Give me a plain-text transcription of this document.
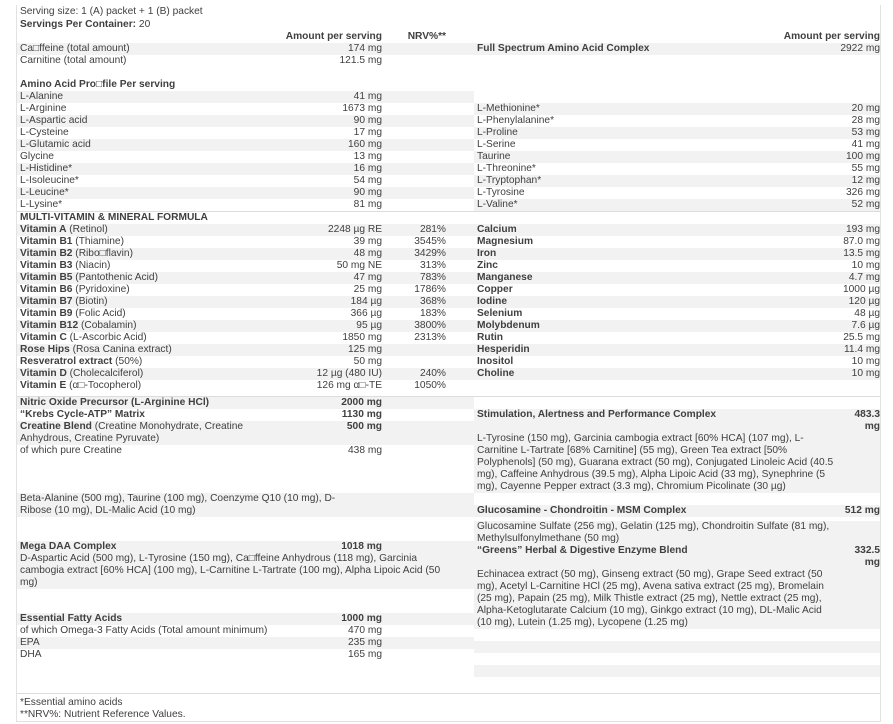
Serving size: 1 (A) packet + 1 (B) packet
Servings Per Container: 20
Amount per serving	NRV%**
Ca□ffeine (total amount)	174 mg
Carnitine (total amount)	121.5 mg
Amino Acid Pro□file Per serving
L-Alanine	41 mg
L-Arginine	1673 mg
L-Aspartic acid	90 mg
L-Cysteine	17 mg
L-Glutamic acid	160 mg
Glycine	13 mg
L-Histidine*	16 mg
L-Isoleucine*	54 mg
L-Leucine*	90 mg
L-Lysine*	81 mg
Amount per serving
Full Spectrum Amino Acid Complex	2922 mg
L-Methionine*	20 mg
L-Phenylalanine*	28 mg
L-Proline	53 mg
L-Serine	41 mg
Taurine	100 mg
L-Threonine*	55 mg
L-Tryptophan*	12 mg
L-Tyrosine	326 mg
L-Valine*	52 mg
MULTI-VITAMIN & MINERAL FORMULA
Vitamin A (Retinol)	2248 µg RE	281%
Vitamin B1 (Thiamine)	39 mg	3545%
Vitamin B2 (Ribo□flavin)	48 mg	3429%
Vitamin B3 (Niacin)	50 mg NE	313%
Vitamin B5 (Pantothenic Acid)	47 mg	783%
Vitamin B6 (Pyridoxine)	25 mg	1786%
Vitamin B7 (Biotin)	184 µg	368%
Vitamin B9 (Folic Acid)	366 µg	183%
Vitamin B12 (Cobalamin)	95 µg	3800%
Vitamin C (L-Ascorbic Acid)	1850 mg	2313%
Rose Hips (Rosa Canina extract)	125 mg
Resveratrol extract (50%)	50 mg
Vitamin D (Cholecalciferol)	12 µg (480 IU)	240%
Vitamin E (α□-Tocopherol)	126 mg α□-TE	1050%
Calcium	193 mg
Magnesium	87.0 mg
Iron	13.5 mg
Zinc	10 mg
Manganese	4.7 mg
Copper	1000 µg
Iodine	120 µg
Selenium	48 µg
Molybdenum	7.6 µg
Rutin	25.5 mg
Hesperidin	11.4 mg
Inositol	10 mg
Choline	10 mg
Nitric Oxide Precursor (L-Arginine HCl)	2000 mg
“Krebs Cycle-ATP” Matrix	1130 mg
Creatine Blend (Creatine Monohydrate, Creatine Anhydrous, Creatine Pyruvate)
500 mg
of which pure Creatine	438 mg
Beta-Alanine (500 mg), Taurine (100 mg), Coenzyme Q10 (10 mg), D-Ribose (10 mg), DL-Malic Acid (10 mg)
Mega DAA Complex	1018 mg
D-Aspartic Acid (500 mg), L-Tyrosine (150 mg), Ca□ffeine Anhydrous (118 mg), Garcinia cambogia extract [60% HCA] (100 mg), L-Carnitine L-Tartrate (100 mg), Alpha Lipoic Acid (50 mg)
Essential Fatty Acids	1000 mg
of which Omega-3 Fatty Acids (Total amount minimum)	470 mg
EPA	235 mg
DHA	165 mg
Stimulation, Alertness and Performance Complex	483.3 mg
L-Tyrosine (150 mg), Garcinia cambogia extract [60% HCA] (107 mg), L-Carnitine L-Tartrate [68% Carnitine] (55 mg), Green Tea extract [50% Polyphenols] (50 mg), Guarana extract (50 mg), Conjugated Linoleic Acid (40.5 mg), Caffeine Anhydrous (39.5 mg), Alpha Lipoic Acid (33 mg), Synephrine (5 mg), Cayenne Pepper extract (3.3 mg), Chromium Picolinate (30 µg)
Glucosamine - Chondroitin - MSM Complex	512 mg
Glucosamine Sulfate (256 mg), Gelatin (125 mg), Chondroitin Sulfate (81 mg), Methylsulfonylmethane (50 mg)
“Greens” Herbal & Digestive Enzyme Blend	332.5 mg
Echinacea extract (50 mg), Ginseng extract (50 mg), Grape Seed extract (50 mg), Acetyl L-Carnitine HCl (25 mg), Avena sativa extract (25 mg), Bromelain (25 mg), Papain (25 mg), Milk Thistle extract (25 mg), Nettle extract (25 mg), Alpha-Ketoglutarate Calcium (10 mg), Ginkgo extract (10 mg), DL-Malic Acid (10 mg), Lutein (1.25 mg), Lycopene (1.25 mg)
*Essential amino acids
**NRV%: Nutrient Reference Values.
